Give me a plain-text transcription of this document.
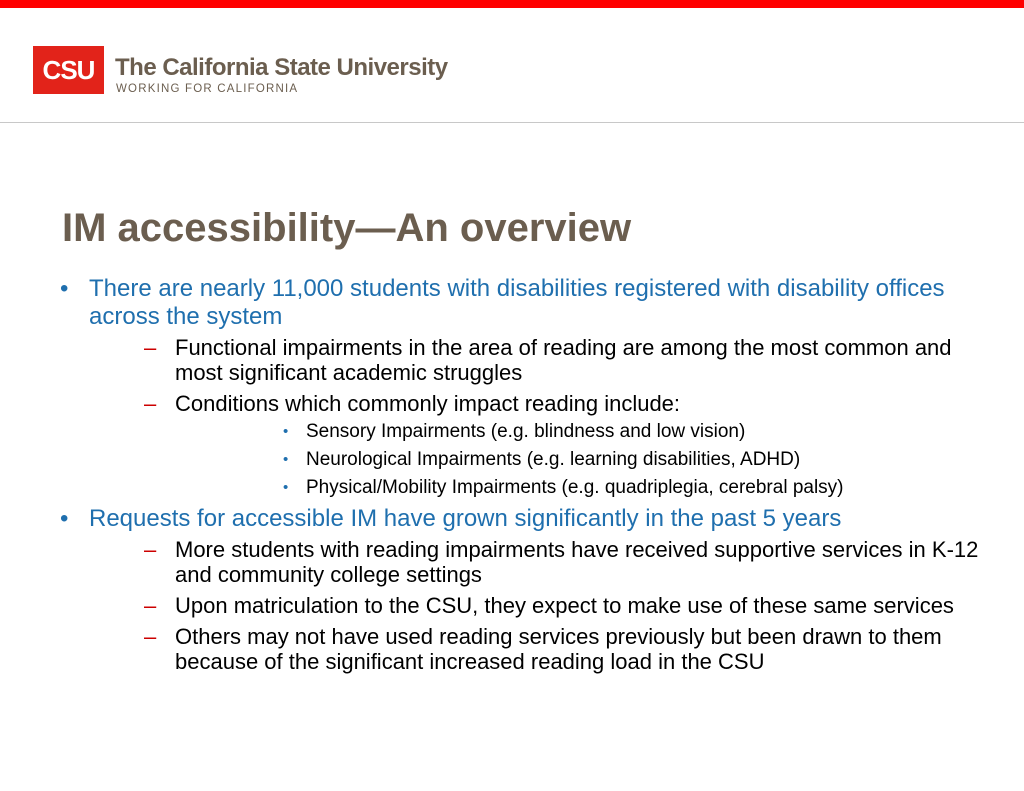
CSU The California State University
WORKING FOR CALIFORNIA
IM accessibility—An overview
• There are nearly 11,000 students with disabilities registered with disability offices across the system
– Functional impairments in the area of reading are among the most common and most significant academic struggles
– Conditions which commonly impact reading include:
• Sensory Impairments (e.g. blindness and low vision)
• Neurological Impairments (e.g. learning disabilities, ADHD)
• Physical/Mobility Impairments (e.g. quadriplegia, cerebral palsy)
• Requests for accessible IM have grown significantly in the past 5 years
– More students with reading impairments have received supportive services in K-12 and community college settings
– Upon matriculation to the CSU, they expect to make use of these same services
– Others may not have used reading services previously but been drawn to them because of the significant increased reading load in the CSU
